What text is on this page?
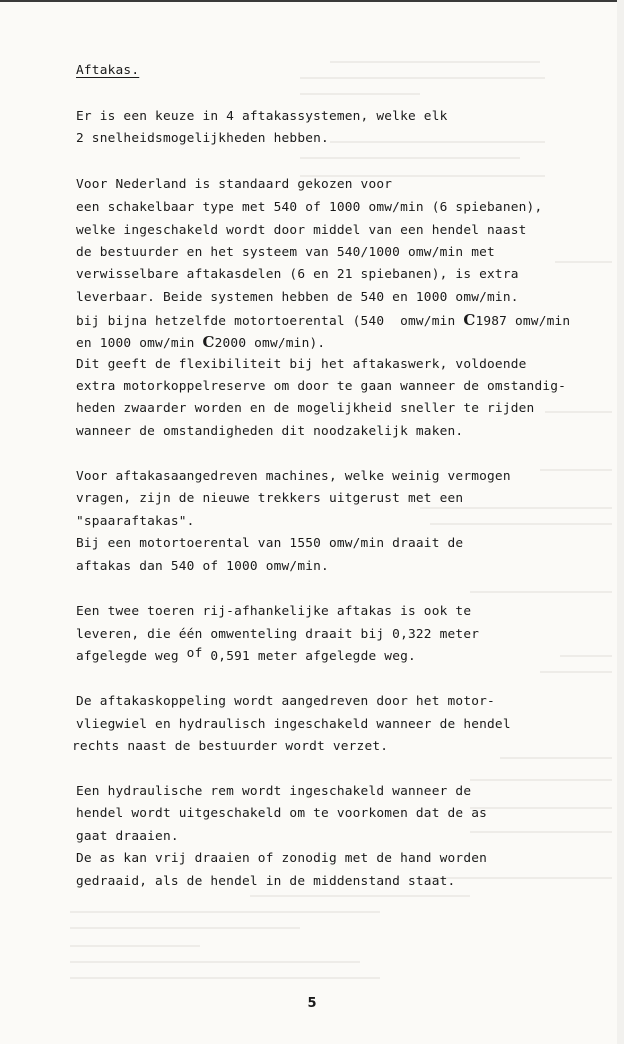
Aftakas.
Er is een keuze in 4 aftakassystemen, welke elk
2 snelheidsmogelijkheden hebben.
Voor Nederland is standaard gekozen voor
een schakelbaar type met 540 of 1000 omw/min (6 spiebanen),
welke ingeschakeld wordt door middel van een hendel naast
de bestuurder en het systeem van 540/1000 omw/min met
verwisselbare aftakasdelen (6 en 21 spiebanen), is extra
leverbaar. Beide systemen hebben de 540 en 1000 omw/min.
bij bijna hetzelfde motortoerental (540  omw/min C1987 omw/min
en 1000 omw/min C2000 omw/min).
Dit geeft de flexibiliteit bij het aftakaswerk, voldoende
extra motorkoppelreserve om door te gaan wanneer de omstandig-
heden zwaarder worden en de mogelijkheid sneller te rijden
wanneer de omstandigheden dit noodzakelijk maken.
Voor aftakasaangedreven machines, welke weinig vermogen
vragen, zijn de nieuwe trekkers uitgerust met een
"spaaraftakas".
Bij een motortoerental van 1550 omw/min draait de
aftakas dan 540 of 1000 omw/min.
Een twee toeren rij-afhankelijke aftakas is ook te
leveren, die één omwenteling draait bij 0,322 meter
afgelegde weg of 0,591 meter afgelegde weg.
De aftakaskoppeling wordt aangedreven door het motor-
vliegwiel en hydraulisch ingeschakeld wanneer de hendel
rechts naast de bestuurder wordt verzet.
Een hydraulische rem wordt ingeschakeld wanneer de
hendel wordt uitgeschakeld om te voorkomen dat de as
gaat draaien.
De as kan vrij draaien of zonodig met de hand worden
gedraaid, als de hendel in de middenstand staat.
5
